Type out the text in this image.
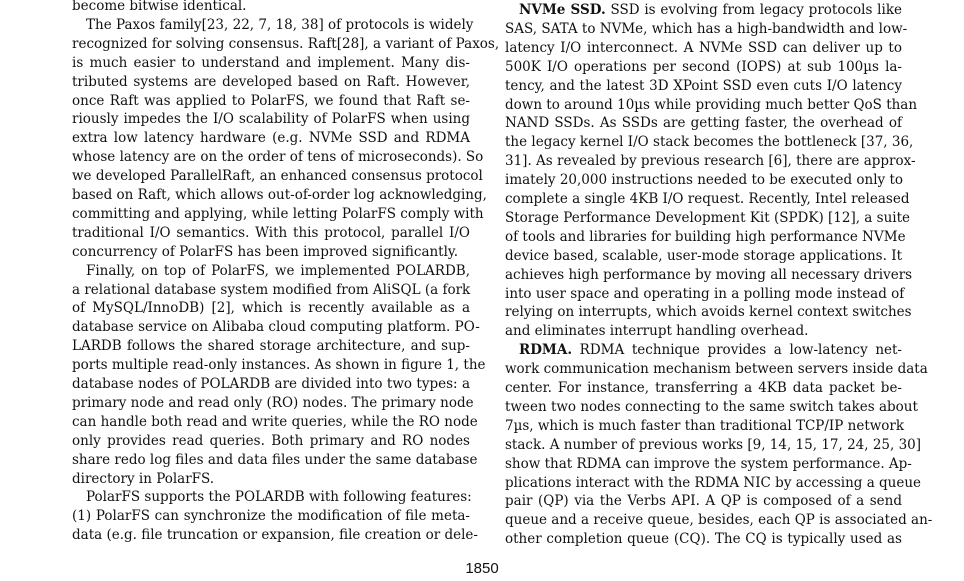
become bitwise identical.
The Paxos family[23, 22, 7, 18, 38] of protocols is widely
recognized for solving consensus. Raft[28], a variant of Paxos,
is much easier to understand and implement. Many dis-
tributed systems are developed based on Raft. However,
once Raft was applied to PolarFS, we found that Raft se-
riously impedes the I/O scalability of PolarFS when using
extra low latency hardware (e.g. NVMe SSD and RDMA
whose latency are on the order of tens of microseconds). So
we developed ParallelRaft, an enhanced consensus protocol
based on Raft, which allows out-of-order log acknowledging,
committing and applying, while letting PolarFS comply with
traditional I/O semantics. With this protocol, parallel I/O
concurrency of PolarFS has been improved significantly.
Finally, on top of PolarFS, we implemented POLARDB,
a relational database system modified from AliSQL (a fork
of MySQL/InnoDB) [2], which is recently available as a
database service on Alibaba cloud computing platform. PO-
LARDB follows the shared storage architecture, and sup-
ports multiple read-only instances. As shown in figure 1, the
database nodes of POLARDB are divided into two types: a
primary node and read only (RO) nodes. The primary node
can handle both read and write queries, while the RO node
only provides read queries. Both primary and RO nodes
share redo log files and data files under the same database
directory in PolarFS.
PolarFS supports the POLARDB with following features:
(1) PolarFS can synchronize the modification of file meta-
data (e.g. file truncation or expansion, file creation or dele-
NVMe SSD. SSD is evolving from legacy protocols like
SAS, SATA to NVMe, which has a high-bandwidth and low-
latency I/O interconnect. A NVMe SSD can deliver up to
500K I/O operations per second (IOPS) at sub 100µs la-
tency, and the latest 3D XPoint SSD even cuts I/O latency
down to around 10µs while providing much better QoS than
NAND SSDs. As SSDs are getting faster, the overhead of
the legacy kernel I/O stack becomes the bottleneck [37, 36,
31]. As revealed by previous research [6], there are approx-
imately 20,000 instructions needed to be executed only to
complete a single 4KB I/O request. Recently, Intel released
Storage Performance Development Kit (SPDK) [12], a suite
of tools and libraries for building high performance NVMe
device based, scalable, user-mode storage applications. It
achieves high performance by moving all necessary drivers
into user space and operating in a polling mode instead of
relying on interrupts, which avoids kernel context switches
and eliminates interrupt handling overhead.
RDMA. RDMA technique provides a low-latency net-
work communication mechanism between servers inside data
center. For instance, transferring a 4KB data packet be-
tween two nodes connecting to the same switch takes about
7µs, which is much faster than traditional TCP/IP network
stack. A number of previous works [9, 14, 15, 17, 24, 25, 30]
show that RDMA can improve the system performance. Ap-
plications interact with the RDMA NIC by accessing a queue
pair (QP) via the Verbs API. A QP is composed of a send
queue and a receive queue, besides, each QP is associated an-
other completion queue (CQ). The CQ is typically used as
1850
